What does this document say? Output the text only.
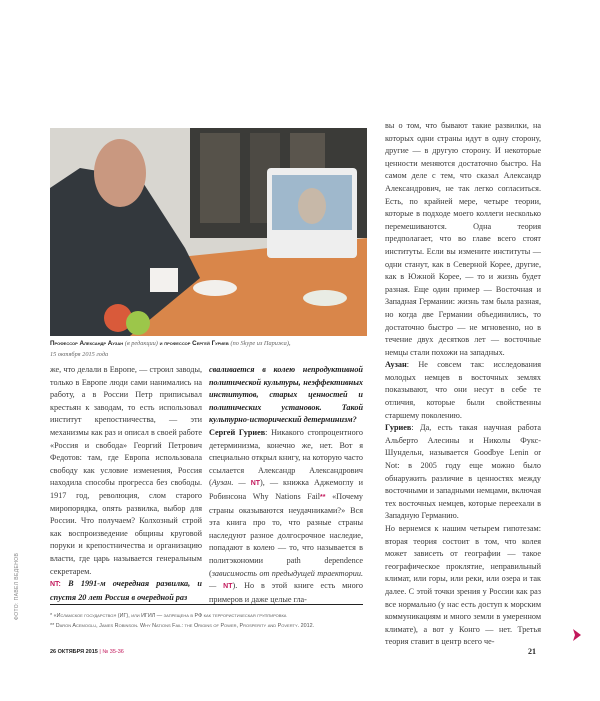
ФОТО: ПАВЕЛ ВЕДЕНОВ
Профессор Александр Аузан (в редакции) и профессор Сергей Гуриев (по Skype из Парижа),
15 октября 2015 года

же, что делали в Европе, — строил заводы, только в Европе люди сами нанимались на работу, а в России Петр приписывал крестьян к заводам, то есть использовал институт крепостничества, — эти механизмы как раз и описал в своей работе «Россия и свобода» Георгий Петрович Федотов: там, где Европа использовала свободу как условие изменения, Россия находила способы прогресса без свободы. 1917 год, революция, слом старого миропорядка, опять развилка, выбор для России. Что получаем? Колхозный строй как воспроизведение общины круговой поруки и крепостничества и организацию власти, где царь называется генеральным секретарем.

NT: В 1991-м очередная развилка, и спустя 20 лет Россия в очередной раз

сваливается в колею непродуктивной политической культуры, неэффективных институтов, старых ценностей и политических установок. Такой культурно-исторический детерминизм?

Сергей Гуриев: Никакого стопроцентного детерминизма, конечно же, нет. Вот я специально открыл книгу, на которую часто ссылается Александр Александрович (Аузан. — NT), — книжка Аджемоглу и Робинсона Why Nations Fail** «Почему страны оказываются неудачниками?» Вся эта книга про то, что разные страны наследуют разное долгосрочное наследие, попадают в колею — то, что называется в политэкономии path dependence (зависимость от предыдущей траектории. — NT). Но в этой книге есть много примеров и даже целые гла-

вы о том, что бывают такие развилки, на которых одни страны идут в одну сторону, другие — в другую сторону. И некоторые ценности меняются достаточно быстро. На самом деле с тем, что сказал Александр Александрович, не так легко согласиться. Есть, по крайней мере, четыре теории, которые в подходе моего коллеги несколько перемешиваются. Одна теория предполагает, что во главе всего стоят институты. Если вы измените институты — одни станут, как в Северной Корее, другие, как в Южной Корее, — то и жизнь будет разная. Еще один пример — Восточная и Западная Германии: жизнь там была разная, но когда две Германии объединились, то достаточно быстро — не мгновенно, но в течение двух десятков лет — восточные немцы стали похожи на западных.

Аузан: Не совсем так: исследования молодых немцев в восточных землях показывают, что они несут в себе те отличия, которые были свойственны старшему поколению.

Гуриев: Да, есть такая научная работа Альберто Алесины и Николы Фукс-Шундельн, называется Goodbye Lenin or Not: в 2005 году еще можно было обнаружить различие в ценностях между восточными и западными немцами, включая тех восточных немцев, которые переехали в Западную Германию.

Но вернемся к нашим четырем гипотезам: вторая теория состоит в том, что колея может зависеть от географии — такое географическое проклятие, неправильный климат, или горы, или реки, или озера и так далее. С этой точки зрения у России как раз все нормально (у нас есть доступ к морским коммуникациям и много земли в умеренном климате), а вот у Конго — нет. Третья теория ставит в центр всего че-

* «Исламское государство» (ИГ), или ИГИЛ — запрещена в РФ как террористическая группировка
** Daron Acemoglu, James Robinson. Why Nations Fail: the Origins of Power, Prosperity and Poverty. 2012.
26 ОКТЯБРЯ 2015 | № 35-36	21
